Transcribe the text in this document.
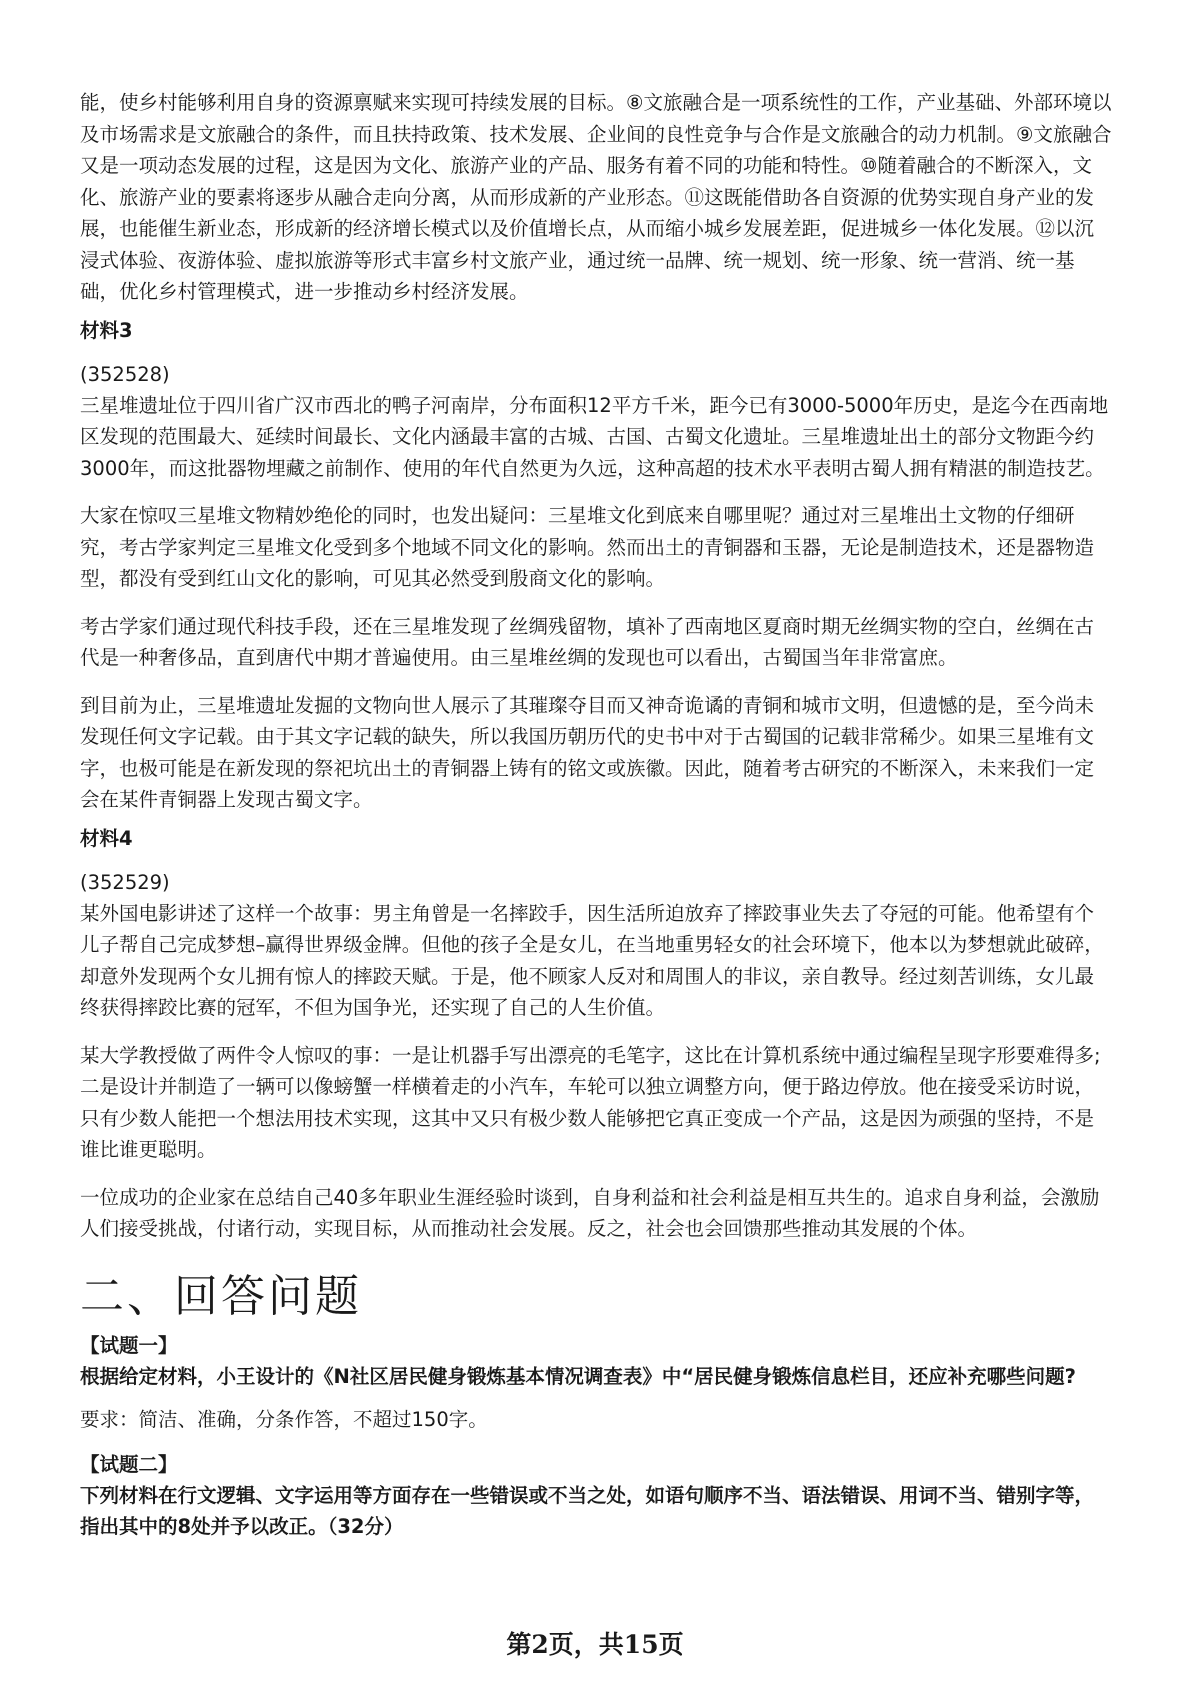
能，使乡村能够利用自身的资源禀赋来实现可持续发展的目标。⑧文旅融合是一项系统性的工作，产业基础、外部环境以及市场需求是文旅融合的条件，而且扶持政策、技术发展、企业间的良性竞争与合作是文旅融合的动力机制。⑨文旅融合又是一项动态发展的过程，这是因为文化、旅游产业的产品、服务有着不同的功能和特性。⑩随着融合的不断深入，文化、旅游产业的要素将逐步从融合走向分离，从而形成新的产业形态。⑪这既能借助各自资源的优势实现自身产业的发展，也能催生新业态，形成新的经济增长模式以及价值增长点，从而缩小城乡发展差距，促进城乡一体化发展。⑫以沉浸式体验、夜游体验、虚拟旅游等形式丰富乡村文旅产业，通过统一品牌、统一规划、统一形象、统一营消、统一基础，优化乡村管理模式，进一步推动乡村经济发展。

材料3
(352528)

三星堆遗址位于四川省广汉市西北的鸭子河南岸，分布面积12平方千米，距今已有3000-5000年历史，是迄今在西南地区发现的范围最大、延续时间最长、文化内涵最丰富的古城、古国、古蜀文化遗址。三星堆遗址出土的部分文物距今约3000年，而这批器物埋藏之前制作、使用的年代自然更为久远，这种高超的技术水平表明古蜀人拥有精湛的制造技艺。

大家在惊叹三星堆文物精妙绝伦的同时，也发出疑问：三星堆文化到底来自哪里呢？通过对三星堆出土文物的仔细研究，考古学家判定三星堆文化受到多个地域不同文化的影响。然而出土的青铜器和玉器，无论是制造技术，还是器物造型，都没有受到红山文化的影响，可见其必然受到殷商文化的影响。

考古学家们通过现代科技手段，还在三星堆发现了丝绸残留物，填补了西南地区夏商时期无丝绸实物的空白，丝绸在古代是一种奢侈品，直到唐代中期才普遍使用。由三星堆丝绸的发现也可以看出，古蜀国当年非常富庶。

到目前为止，三星堆遗址发掘的文物向世人展示了其璀璨夺目而又神奇诡谲的青铜和城市文明，但遗憾的是，至今尚未发现任何文字记载。由于其文字记载的缺失，所以我国历朝历代的史书中对于古蜀国的记载非常稀少。如果三星堆有文字，也极可能是在新发现的祭祀坑出土的青铜器上铸有的铭文或族徽。因此，随着考古研究的不断深入，未来我们一定会在某件青铜器上发现古蜀文字。

材料4
(352529)

某外国电影讲述了这样一个故事：男主角曾是一名摔跤手，因生活所迫放弃了摔跤事业失去了夺冠的可能。他希望有个儿子帮自己完成梦想–赢得世界级金牌。但他的孩子全是女儿，在当地重男轻女的社会环境下，他本以为梦想就此破碎，却意外发现两个女儿拥有惊人的摔跤天赋。于是，他不顾家人反对和周围人的非议，亲自教导。经过刻苦训练，女儿最终获得摔跤比赛的冠军，不但为国争光，还实现了自己的人生价值。

某大学教授做了两件令人惊叹的事：一是让机器手写出漂亮的毛笔字，这比在计算机系统中通过编程呈现字形要难得多;二是设计并制造了一辆可以像螃蟹一样横着走的小汽车，车轮可以独立调整方向，便于路边停放。他在接受采访时说，只有少数人能把一个想法用技术实现，这其中又只有极少数人能够把它真正变成一个产品，这是因为顽强的坚持，不是谁比谁更聪明。

一位成功的企业家在总结自己40多年职业生涯经验时谈到，自身利益和社会利益是相互共生的。追求自身利益，会激励人们接受挑战，付诸行动，实现目标，从而推动社会发展。反之，社会也会回馈那些推动其发展的个体。

二、回答问题
【试题一】

根据给定材料，小王设计的《N社区居民健身锻炼基本情况调查表》中“居民健身锻炼信息栏目，还应补充哪些问题?

要求：简洁、准确，分条作答，不超过150字。

【试题二】

下列材料在行文逻辑、文字运用等方面存在一些错误或不当之处，如语句顺序不当、语法错误、用词不当、错别字等，指出其中的8处并予以改正。（32分）

第2页，共15页
